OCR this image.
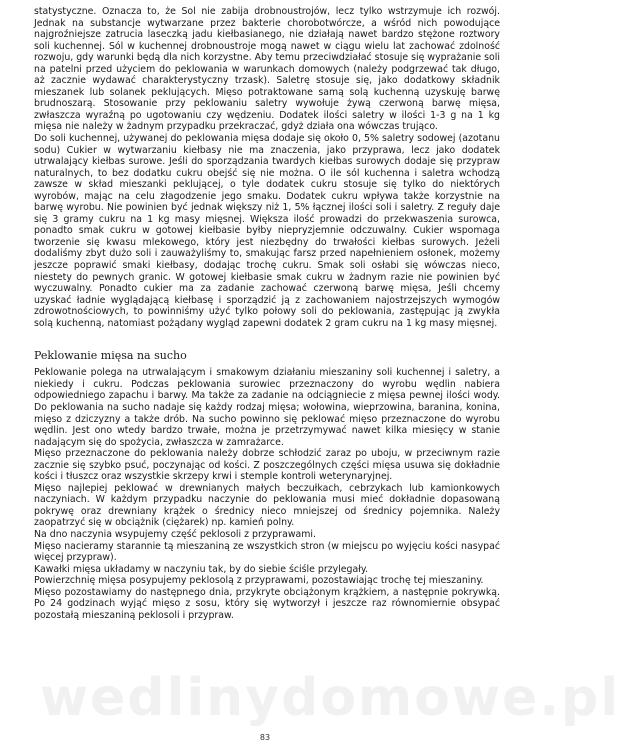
wedlinydomowe.pl

statystyczne. Oznacza to, że Sol nie zabija drobnoustrojów, lecz tylko wstrzymuje ich rozwój. Jednak na substancje wytwarzane przez bakterie chorobotwórcze, a wśród nich powodujące najgroźniejsze zatrucia laseczką jadu kiełbasianego, nie działają nawet bardzo stężone roztwory soli kuchennej. Sól w kuchennej drobnoustroje mogą nawet w ciągu wielu lat zachować zdolność rozwoju, gdy warunki będą dla nich korzystne. Aby temu przeciwdziałać stosuje się wyprażanie soli na patelni przed użyciem do peklowania w warunkach domowych (należy podgrzewać tak długo, aż zacznie wydawać charakterystyczny trzask). Saletrę stosuje się, jako dodatkowy składnik mieszanek lub solanek peklujących. Mięso potraktowane samą solą kuchenną uzyskuję barwę brudnoszarą. Stosowanie przy peklowaniu saletry wywołuje żywą czerwoną barwę mięsa, zwłaszcza wyraźną po ugotowaniu czy wędzeniu. Dodatek ilości saletry w ilości 1-3 g na 1 kg mięsa nie należy w żadnym przypadku przekraczać, gdyż działa ona wówczas trująco.

Do soli kuchennej, używanej do peklowania mięsa dodaje się około 0, 5% saletry sodowej (azotanu sodu) Cukier w wytwarzaniu kiełbasy nie ma znaczenia, jako przyprawa, lecz jako dodatek utrwalający kiełbas surowe. Jeśli do sporządzania twardych kiełbas surowych dodaje się przypraw naturalnych, to bez dodatku cukru obejść się nie można. O ile sól kuchenna i saletra wchodzą zawsze w skład mieszanki peklującej, o tyle dodatek cukru stosuje się tylko do niektórych wyrobów, mając na celu złagodzenie jego smaku. Dodatek cukru wpływa także korzystnie na barwę wyrobu. Nie powinien być jednak większy niż 1, 5% łącznej ilości soli i saletry. Z reguły daje się 3 gramy cukru na 1 kg masy mięsnej. Większa ilość prowadzi do przekwaszenia surowca, ponadto smak cukru w gotowej kiełbasie byłby niepryzjemnie odczuwalny. Cukier wspomaga tworzenie się kwasu mlekowego, który jest niezbędny do trwałości kiełbas surowych. Jeżeli dodaliśmy zbyt dużo soli i zauważyliśmy to, smakując farsz przed napełnieniem osłonek, możemy jeszcze poprawić smaki kiełbasy, dodając trochę cukru. Smak soli osłabi się wówczas nieco, niestety do pewnych granic. W gotowej kiełbasie smak cukru w żadnym razie nie powinien być wyczuwalny. Ponadto cukier ma za zadanie zachować czerwoną barwę mięsa, Jeśli chcemy uzyskać ładnie wyglądającą kiełbasę i sporządzić ją z zachowaniem najostrzejszych wymogów zdrowotnościowych, to powinniśmy użyć tylko połowy soli do peklowania, zastępując ją zwykła solą kuchenną, natomiast pożądany wygląd zapewni dodatek 2 gram cukru na 1 kg masy mięsnej.

Peklowanie mięsa na sucho

Peklowanie polega na utrwalającym i smakowym działaniu mieszaniny soli kuchennej i saletry, a niekiedy i cukru. Podczas peklowania surowiec przeznaczony do wyrobu wędlin nabiera odpowiedniego zapachu i barwy. Ma także za zadanie na odciągniecie z mięsa pewnej ilości wody. Do peklowania na sucho nadaje się każdy rodzaj mięsa; wołowina, wieprzowina, baranina, konina, mięso z dziczyzny a także drób. Na sucho powinno się peklować mięso przeznaczone do wyrobu wędlin. Jest ono wtedy bardzo trwałe, można je przetrzymywać nawet kilka miesięcy w stanie nadającym się do spożycia, zwłaszcza w zamrażarce.

Mięso przeznaczone do peklowania należy dobrze schłodzić zaraz po uboju, w przeciwnym razie zacznie się szybko psuć, poczynając od kości. Z poszczególnych części mięsa usuwa się dokładnie kości i tłuszcz oraz wszystkie skrzepy krwi i stemple kontroli weterynaryjnej.

Mięso najlepiej peklować w drewnianych małych beczułkach, cebrzykach lub kamionkowych naczyniach. W każdym przypadku naczynie do peklowania musi mieć dokładnie dopasowaną pokrywę oraz drewniany krążek o średnicy nieco mniejszej od średnicy pojemnika. Należy zaopatrzyć się w obciążnik (ciężarek) np. kamień polny.

Na dno naczynia wsypujemy część peklosoli z przyprawami.

Mięso nacieramy starannie tą mieszaniną ze wszystkich stron (w miejscu po wyjęciu kości nasypać więcej przypraw).

Kawałki mięsa układamy w naczyniu tak, by do siebie ściśle przylegały.

Powierzchnię mięsa posypujemy peklosolą z przyprawami, pozostawiając trochę tej mieszaniny.

Mięso pozostawiamy do następnego dnia, przykryte obciążonym krążkiem, a następnie pokrywką. Po 24 godzinach wyjąć mięso z sosu, który się wytworzył i jeszcze raz równomiernie obsypać pozostałą mieszaniną peklosoli i przypraw.

83
